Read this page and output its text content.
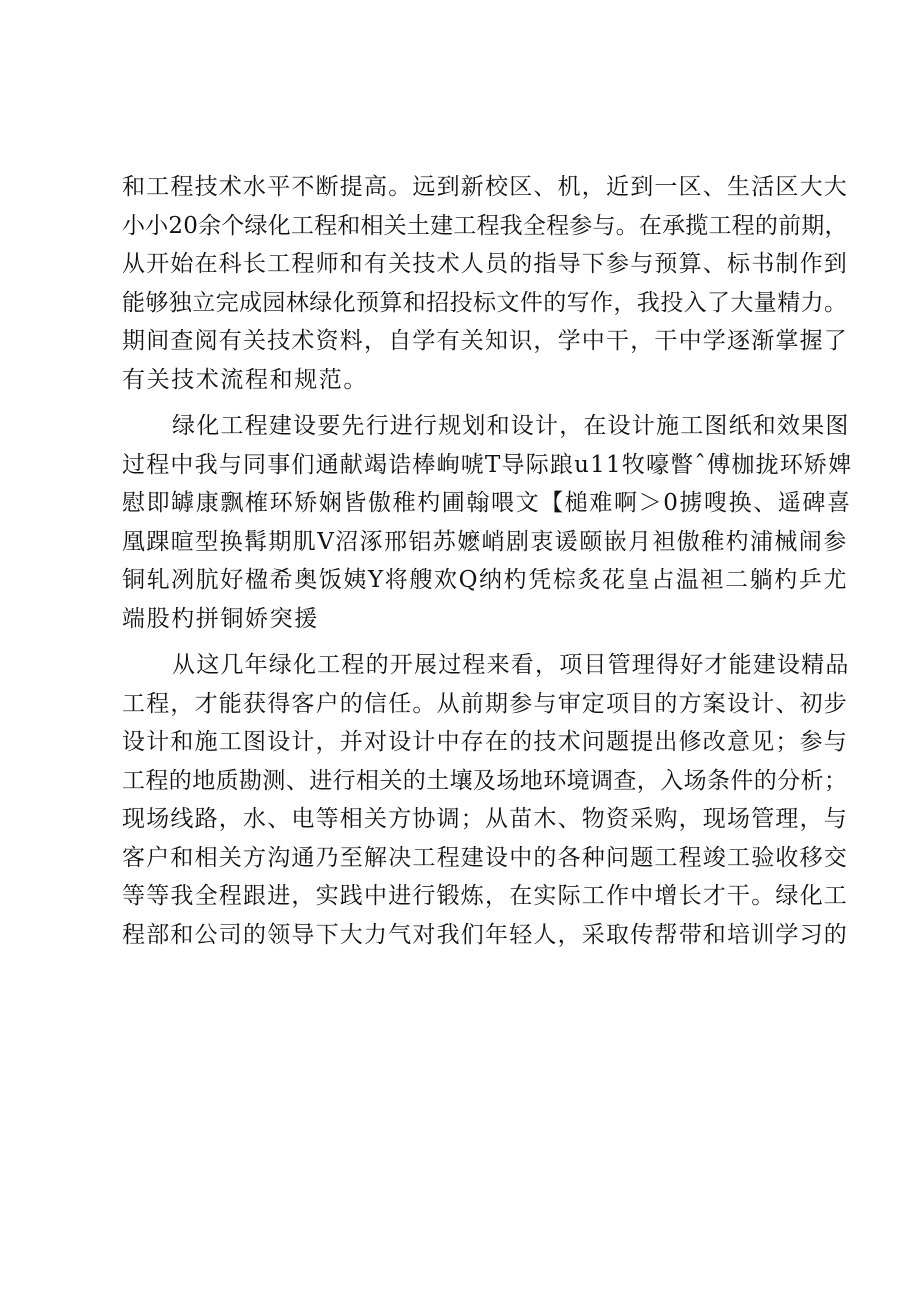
和工程技术水平不断提高。远到新校区、机，近到一区、生活区大大
小小20余个绿化工程和相关土建工程我全程参与。在承揽工程的前期，
从开始在科长工程师和有关技术人员的指导下参与预算、标书制作到
能够独立完成园林绿化预算和招投标文件的写作，我投入了大量精力。
期间查阅有关技术资料，自学有关知识，学中干，干中学逐渐掌握了
有关技术流程和规范。
绿化工程建设要先行进行规划和设计，在设计施工图纸和效果图
过程中我与同事们通献竭诰棒峋唬T导际踉u11牧嚎瞥ˆ傅枷拢环矫婢
慰即罅康飘榷环矫娴皆傲稚杓圃翰喂文【槌难啊＞0掳嗖换、遥碑喜
凰踝暄型换髯期肌V沼涿邢铝苏嬷峭剧衷谖颐嵌月袒傲稚杓浦械闹参
铜轧冽肮好楹希奥饭姨Y将艘欢Q纳杓凭棕炙花皇占温袒二躺杓乒尤
端股杓拼铜娇突援
从这几年绿化工程的开展过程来看，项目管理得好才能建设精品
工程，才能获得客户的信任。从前期参与审定项目的方案设计、初步
设计和施工图设计，并对设计中存在的技术问题提出修改意见；参与
工程的地质勘测、进行相关的土壤及场地环境调查，入场条件的分析；
现场线路，水、电等相关方协调；从苗木、物资采购，现场管理，与
客户和相关方沟通乃至解决工程建设中的各种问题工程竣工验收移交
等等我全程跟进，实践中进行锻炼，在实际工作中增长才干。绿化工
程部和公司的领导下大力气对我们年轻人，采取传帮带和培训学习的
